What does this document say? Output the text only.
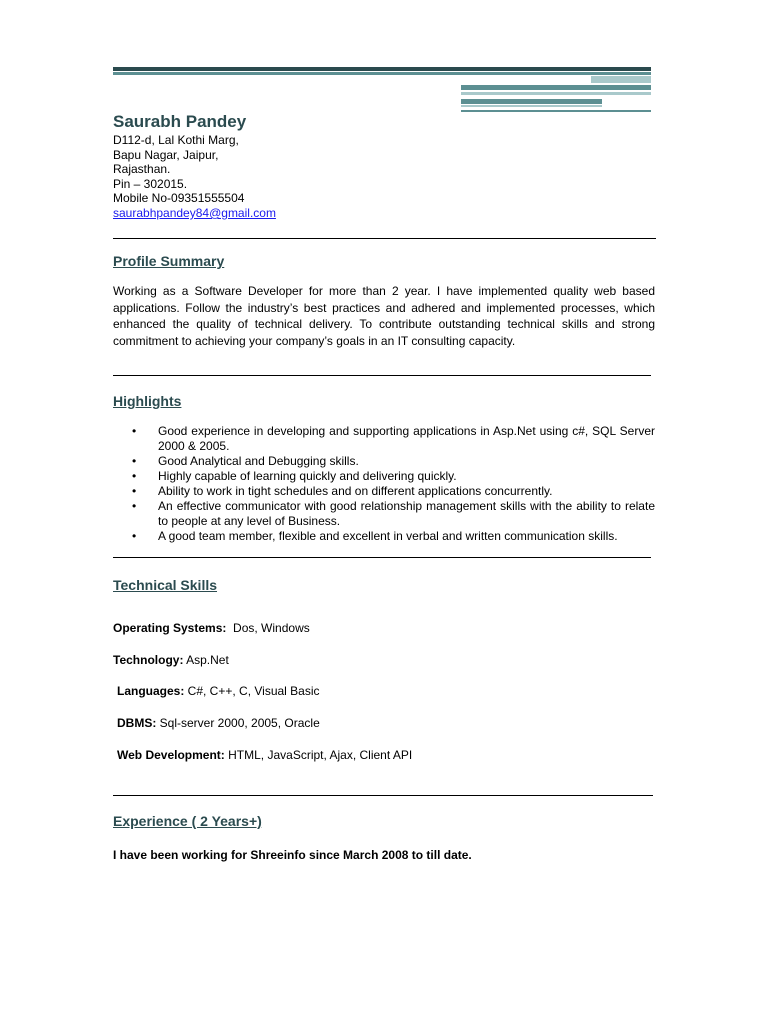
Saurabh Pandey
D112-d, Lal Kothi Marg,
Bapu Nagar, Jaipur,
Rajasthan.
Pin – 302015.
Mobile No-09351555504
saurabhpandey84@gmail.com
Profile Summary

Working as a Software Developer for more than 2 year. I have implemented quality web based applications. Follow the industry’s best practices and adhered and implemented processes, which enhanced the quality of technical delivery. To contribute outstanding technical skills and strong commitment to achieving your company’s goals in an IT consulting capacity.

Highlights
• Good experience in developing and supporting applications in Asp.Net using c#, SQL Server 2000 & 2005.
• Good Analytical and Debugging skills.
• Highly capable of learning quickly and delivering quickly.
• Ability to work in tight schedules and on different applications concurrently.
• An effective communicator with good relationship management skills with the ability to relate to people at any level of Business.
• A good team member, flexible and excellent in verbal and written communication skills.
Technical Skills
Operating Systems:  Dos, Windows
Technology: Asp.Net
Languages: C#, C++, C, Visual Basic
DBMS: Sql-server 2000, 2005, Oracle
Web Development: HTML, JavaScript, Ajax, Client API
Experience ( 2 Years+)
I have been working for Shreeinfo since March 2008 to till date.
